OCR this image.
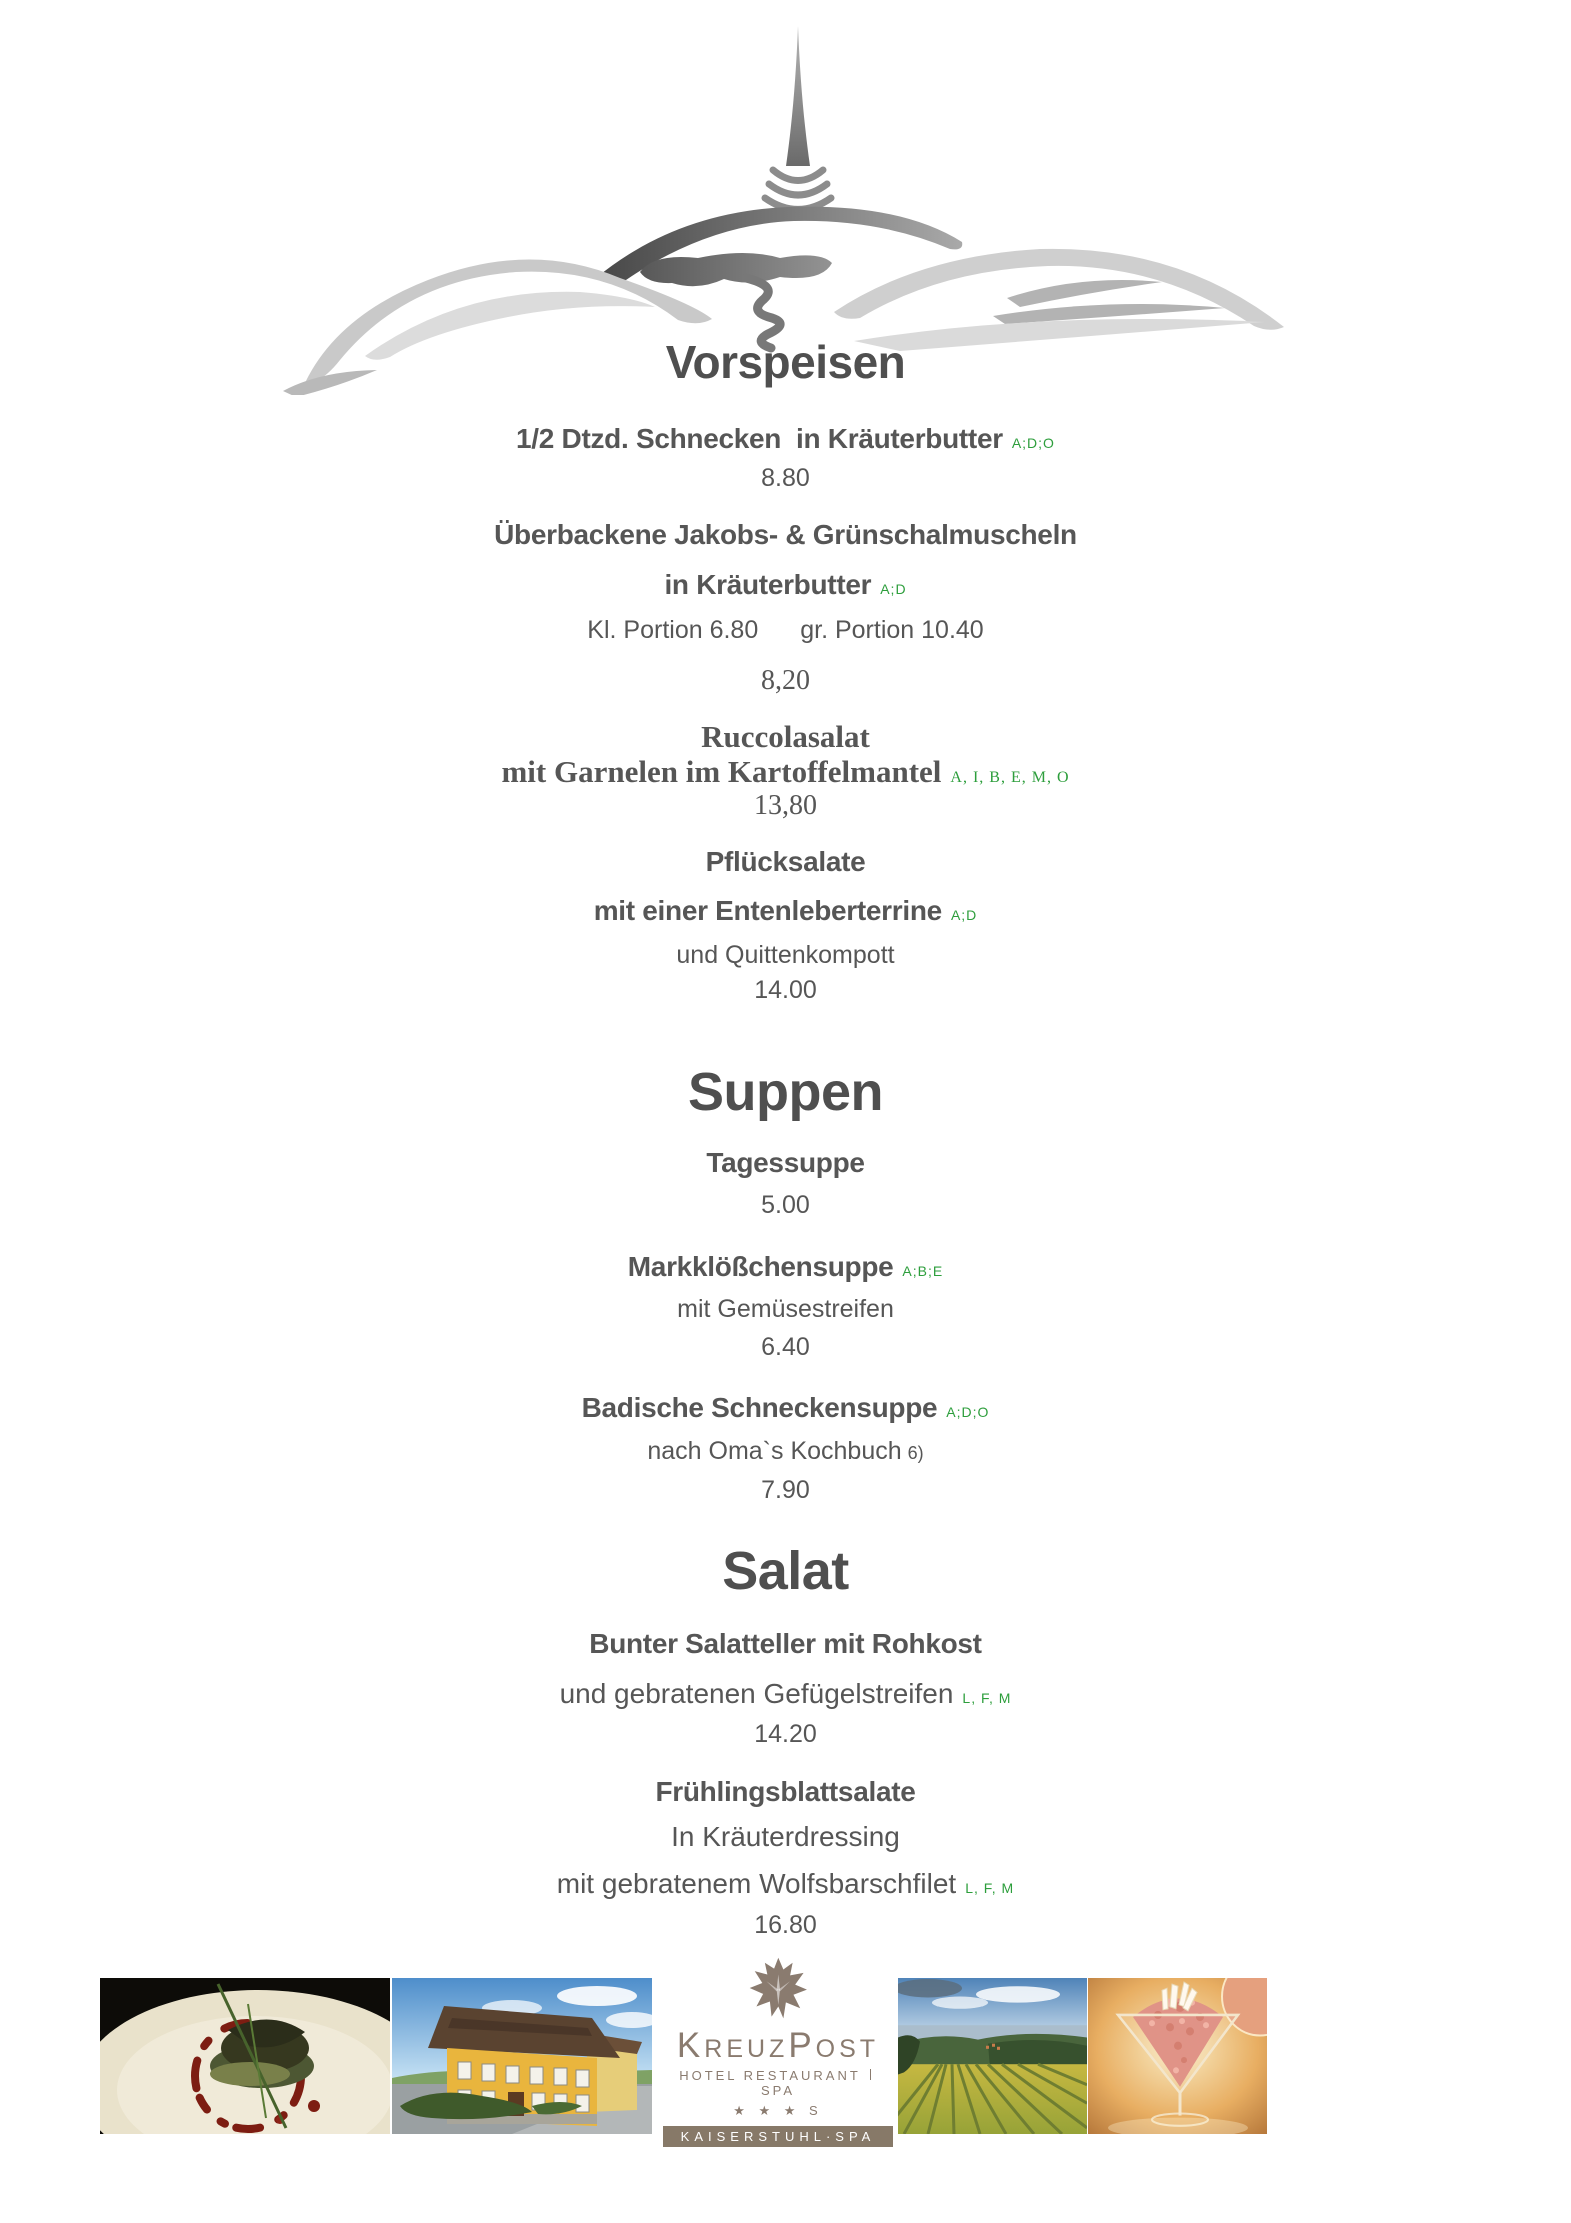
Vorspeisen
1/2 Dtzd. Schnecken  in Kräuterbutter A;D;O
8.80
Überbackene Jakobs- & Grünschalmuscheln
in Kräuterbutter A;D
Kl. Portion 6.80 gr. Portion 10.40
8,20
Ruccolasalat
mit Garnelen im Kartoffelmantel A, I, B, E, M, O
13,80
Pflücksalate
mit einer Entenleberterrine A;D
und Quittenkompott
14.00
Suppen
Tagessuppe
5.00
Markklößchensuppe A;B;E
mit Gemüsestreifen
6.40
Badische Schneckensuppe A;D;O
nach Oma`s Kochbuch 6)
7.90
Salat
Bunter Salatteller mit Rohkost
und gebratenen Gefügelstreifen L, F, M
14.20
Frühlingsblattsalate
In Kräuterdressing
mit gebratenem Wolfsbarschfilet L, F, M
16.80
KreuzPost
HOTEL RESTAURANTSPA
★ ★ ★ S
KAISERSTUHL·SPA
